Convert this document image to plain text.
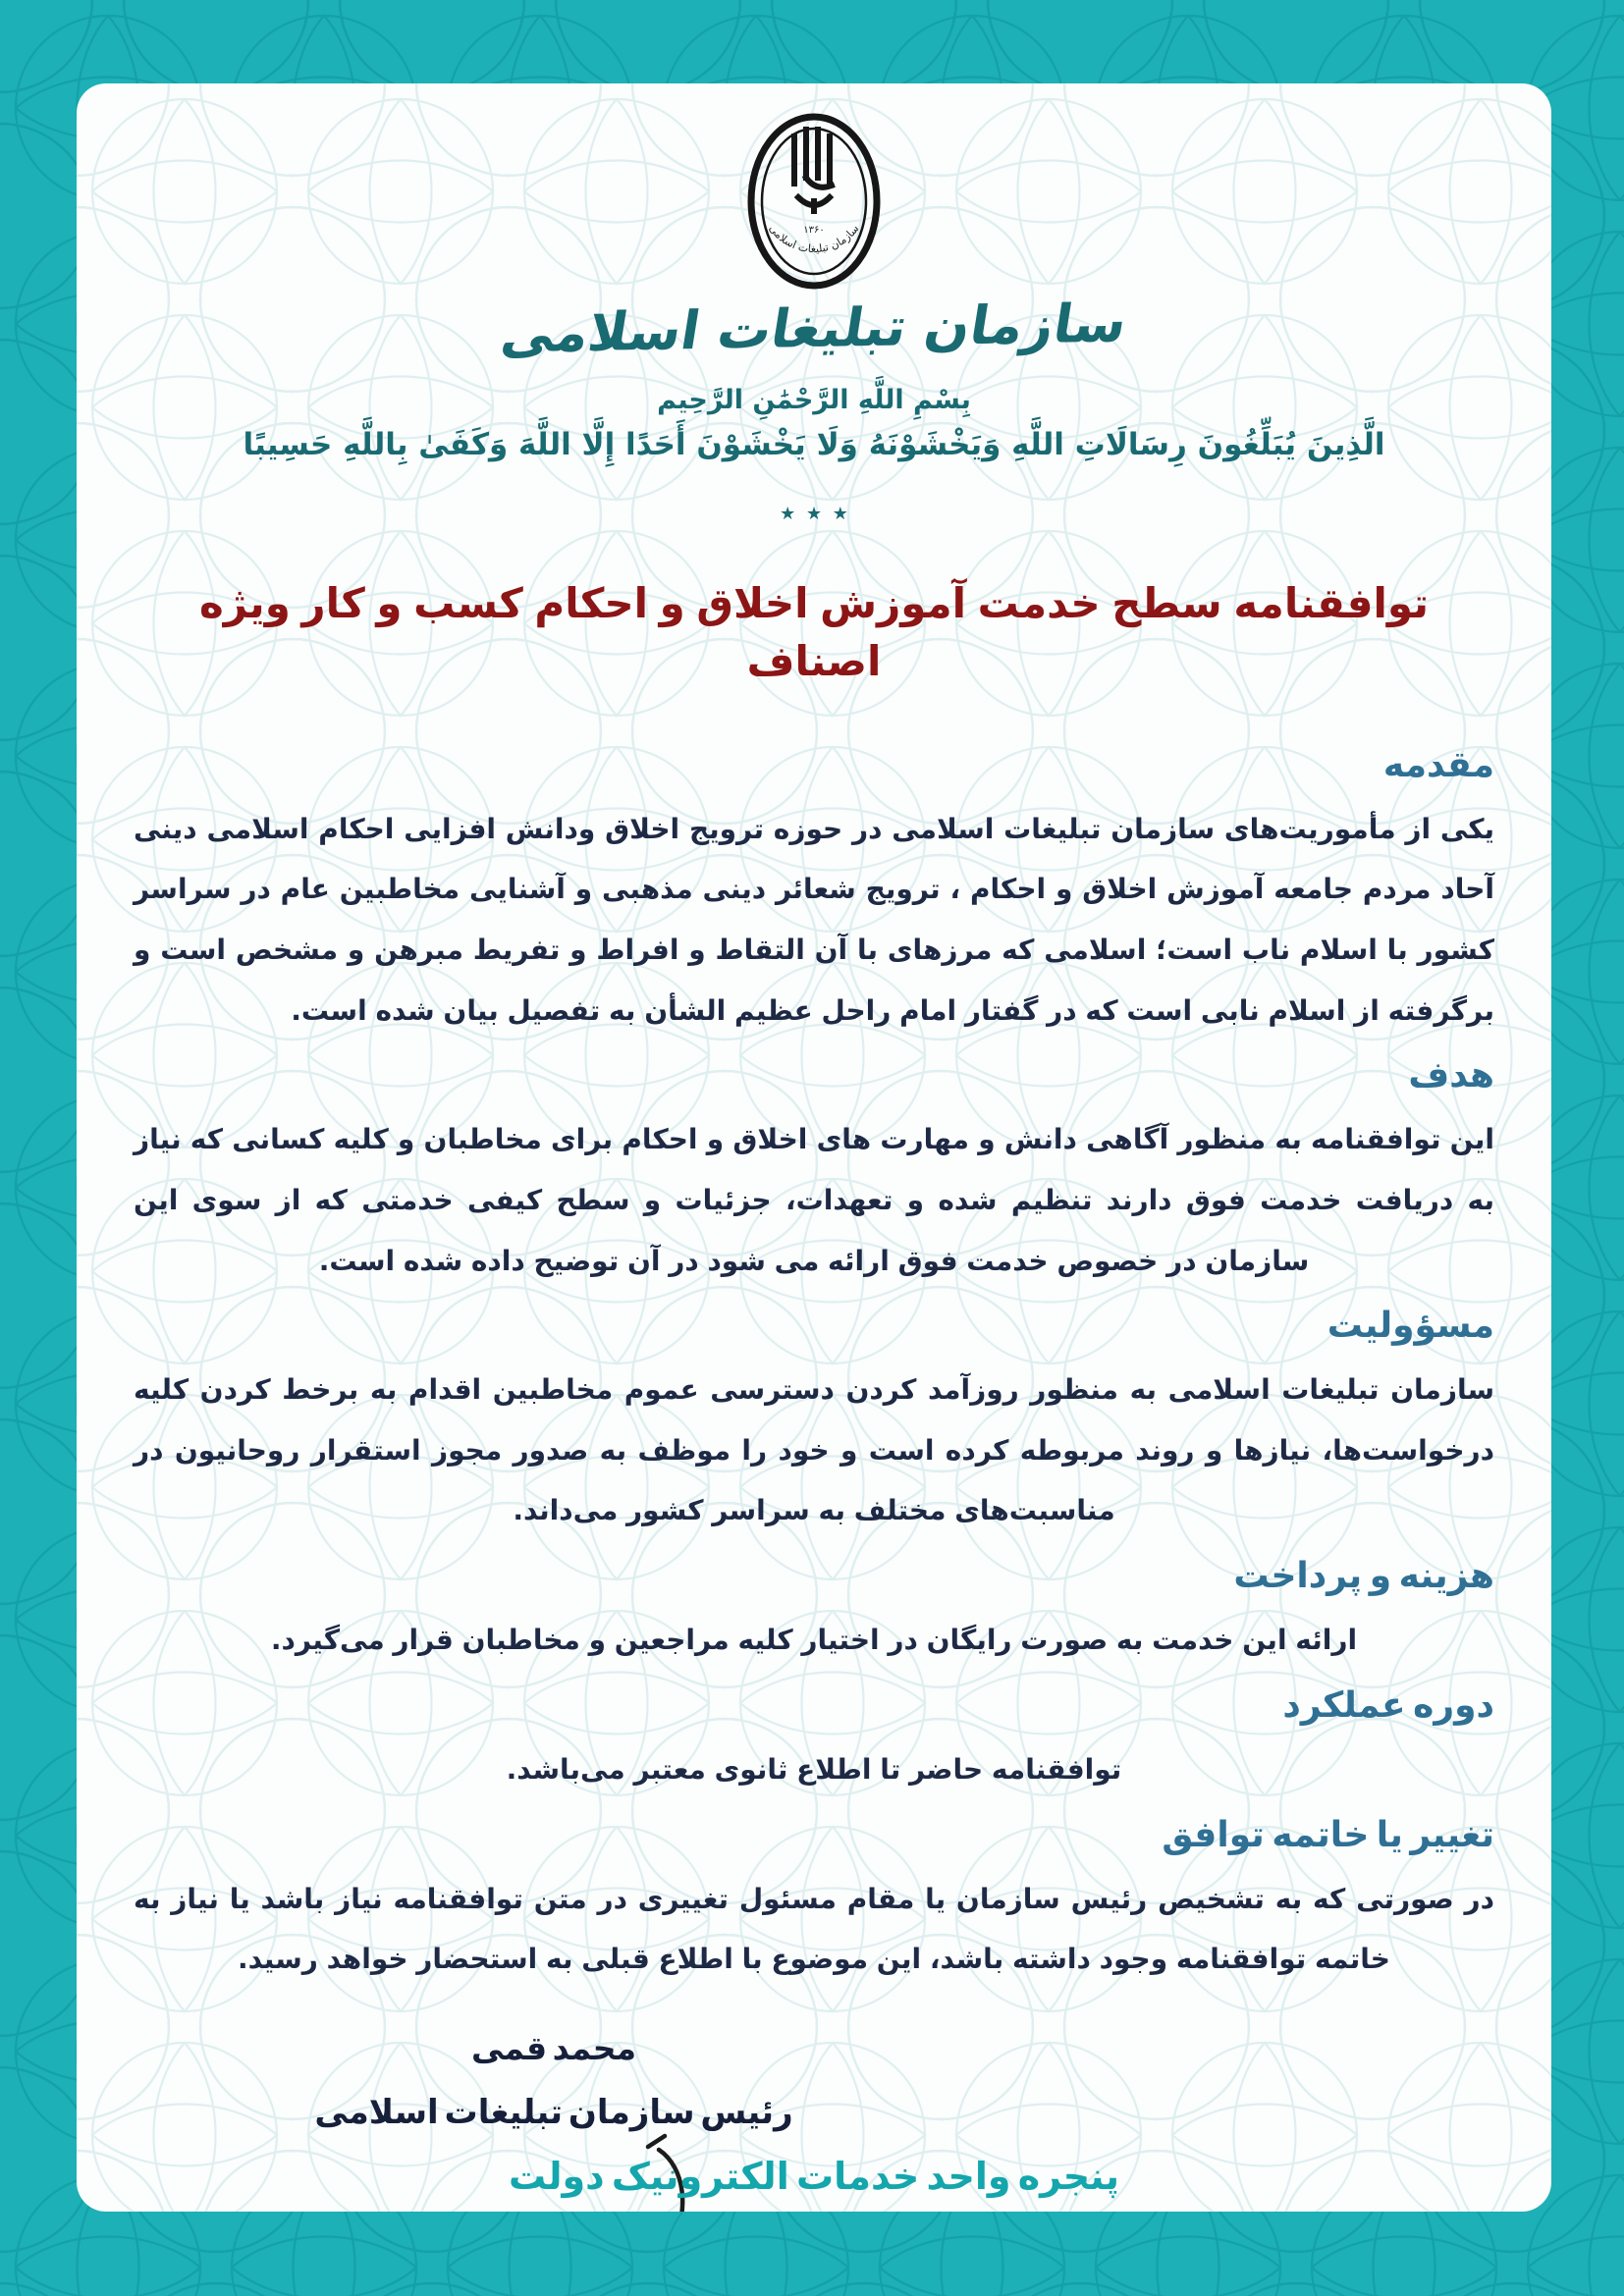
۱۳۶۰
سازمان تبلیغات اسلامی
سازمان تبلیغات اسلامی
بِسْمِ اللَّهِ الرَّحْمَٰنِ الرَّحِيم
الَّذِينَ يُبَلِّغُونَ رِسَالَاتِ اللَّهِ وَيَخْشَوْنَهُ وَلَا يَخْشَوْنَ أَحَدًا إِلَّا اللَّهَ وَكَفَىٰ بِاللَّهِ حَسِيبًا
٭ ٭ ٭
توافقنامه سطح خدمت آموزش اخلاق و احکام کسب و کار ویژه اصناف
مقدمه

یکی از مأموریت‌های سازمان تبلیغات اسلامی در حوزه ترویج اخلاق ودانش افزایی احکام اسلامی دینی آحاد مردم جامعه آموزش اخلاق و احکام ، ترویج شعائر دینی مذهبی و آشنایی مخاطبین عام در سراسر کشور با اسلام ناب است؛ اسلامی که مرزهای با آن التقاط و افراط و تفریط مبرهن و مشخص است و برگرفته از اسلام نابی است که در گفتار امام راحل عظیم الشأن به تفصیل بیان شده است.

هدف

این توافقنامه به منظور آگاهی دانش و مهارت های اخلاق و احکام برای مخاطبان و کلیه کسانی که نیاز به دریافت خدمت فوق دارند تنظیم شده و تعهدات، جزئیات و سطح کیفی خدمتی که از سوی این سازمان در خصوص خدمت فوق ارائه می شود در آن توضیح داده شده است.

مسؤولیت

سازمان تبلیغات اسلامی به منظور روزآمد کردن دسترسی عموم مخاطبین اقدام به برخط کردن کلیه درخواست‌ها، نیازها و روند مربوطه کرده است و خود را موظف به صدور مجوز استقرار روحانیون در مناسبت‌های مختلف به سراسر کشور می‌داند.

هزینه و پرداخت

ارائه این خدمت به صورت رایگان در اختیار کلیه مراجعین و مخاطبان قرار می‌گیرد.

دوره عملکرد

توافقنامه حاضر تا اطلاع ثانوی معتبر می‌باشد.

تغییر یا خاتمه توافق

در صورتی که به تشخیص رئیس سازمان یا مقام مسئول تغییری در متن توافقنامه نیاز باشد یا نیاز به خاتمه توافقنامه وجود داشته باشد، این موضوع با اطلاع قبلی به استحضار خواهد رسید.

محمد قمی
رئیس سازمان تبلیغات اسلامی
پنجره واحد خدمات الکترونیک دولت
